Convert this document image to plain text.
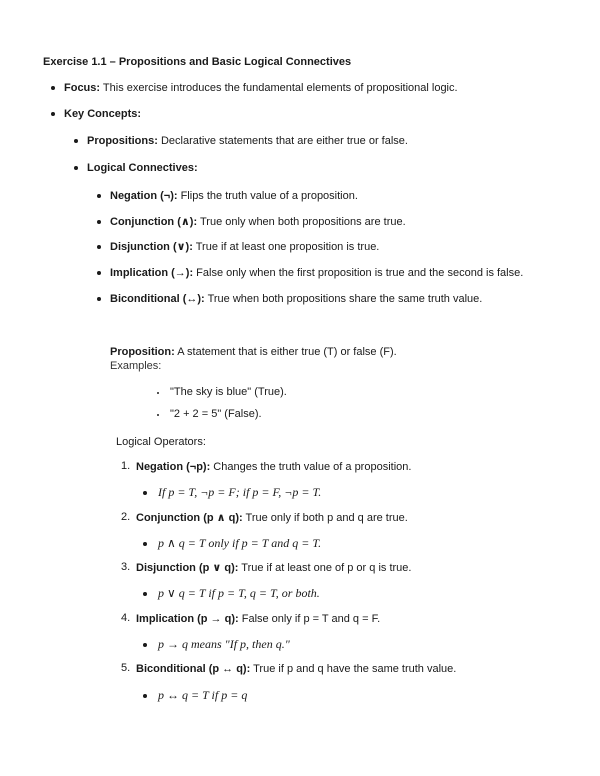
Exercise 1.1 – Propositions and Basic Logical Connectives
Focus: This exercise introduces the fundamental elements of propositional logic.
Key Concepts:
Propositions: Declarative statements that are either true or false.
Logical Connectives:
Negation (¬): Flips the truth value of a proposition.
Conjunction (∧): True only when both propositions are true.
Disjunction (∨): True if at least one proposition is true.
Implication (→): False only when the first proposition is true and the second is false.
Biconditional (↔): True when both propositions share the same truth value.
Proposition: A statement that is either true (T) or false (F).
Examples:
"The sky is blue" (True).
"2 + 2 = 5" (False).
Logical Operators:
1. Negation (¬p): Changes the truth value of a proposition.
If p = T, ¬p = F; if p = F, ¬p = T.
2. Conjunction (p ∧ q): True only if both p and q are true.
p ∧ q = T only if p = T and q = T.
3. Disjunction (p ∨ q): True if at least one of p or q is true.
p ∨ q = T if p = T, q = T, or both.
4. Implication (p → q): False only if p = T and q = F.
p → q means "If p, then q."
5. Biconditional (p ↔ q): True if p and q have the same truth value.
p ↔ q = T if p = q
